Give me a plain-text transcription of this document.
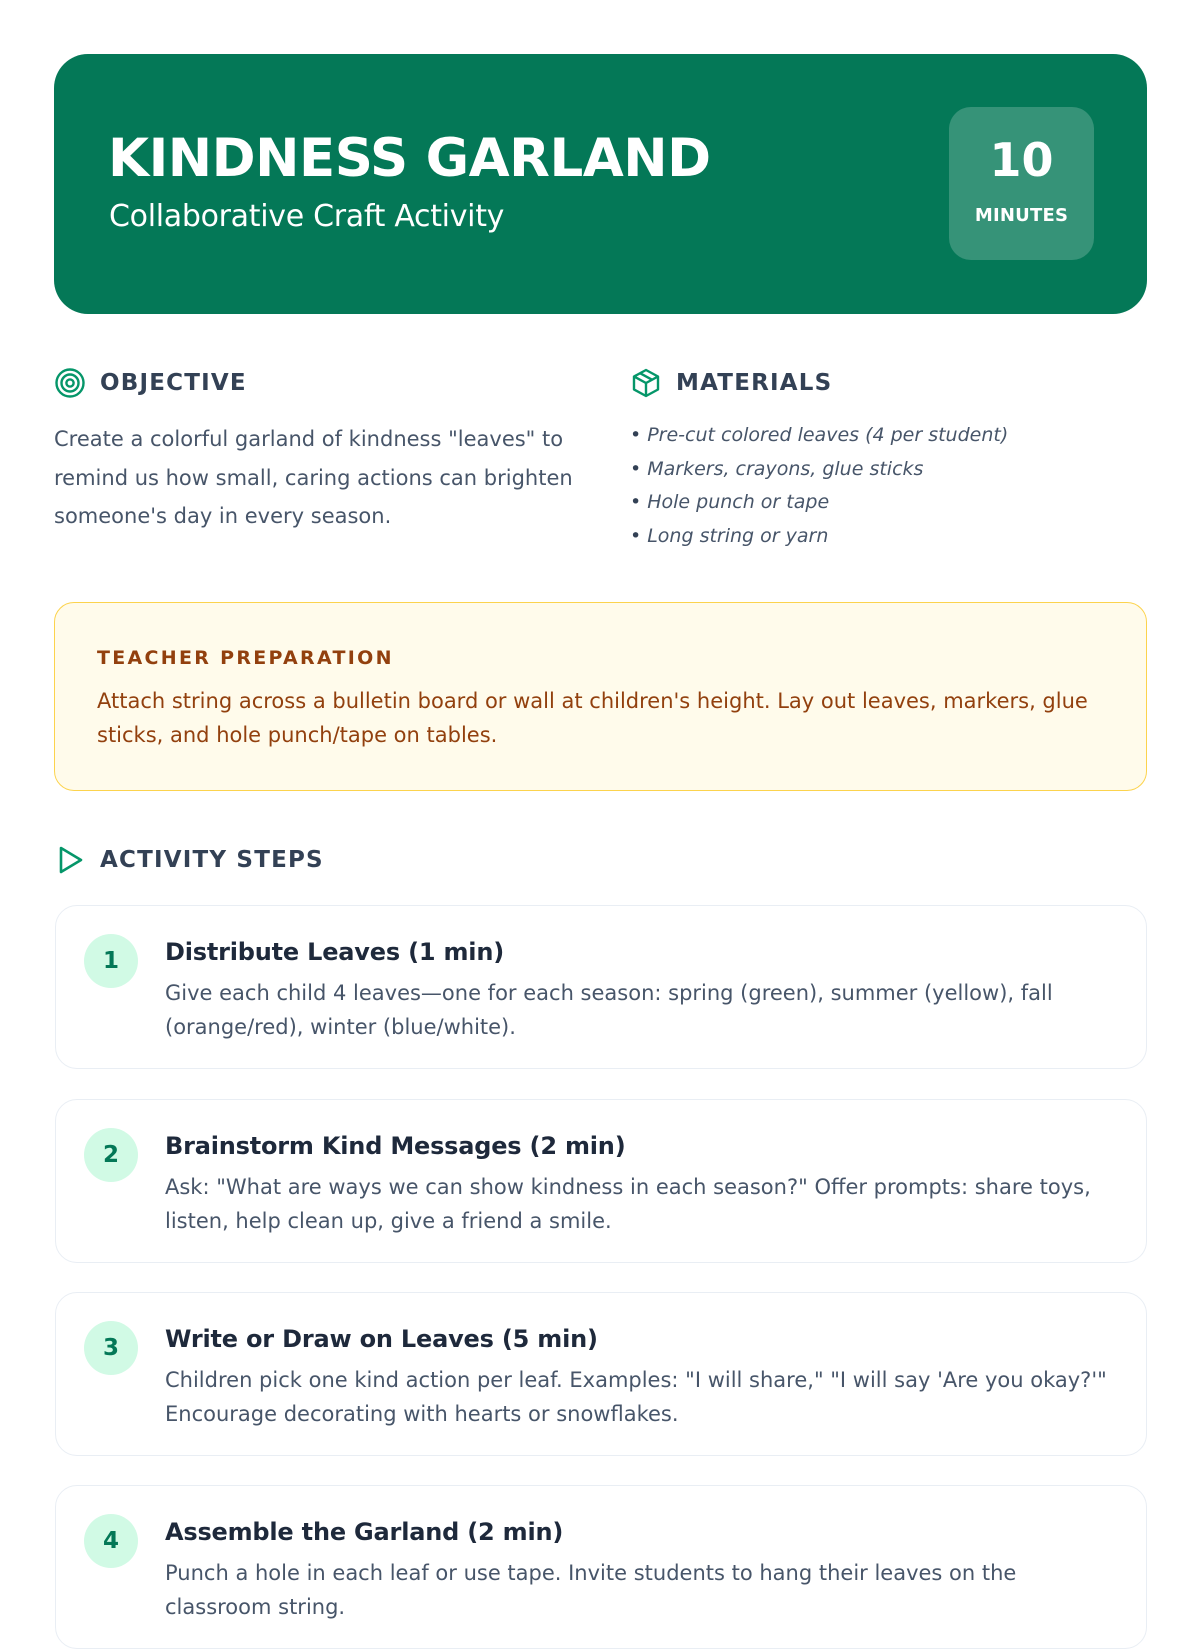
KINDNESS GARLAND
Collaborative Craft Activity
10
MINUTES
OBJECTIVE
Create a colorful garland of kindness "leaves" to remind us how small, caring actions can brighten someone's day in every season.
MATERIALS
• Pre-cut colored leaves (4 per student)
• Markers, crayons, glue sticks
• Hole punch or tape
• Long string or yarn
TEACHER PREPARATION
Attach string across a bulletin board or wall at children's height. Lay out leaves, markers, glue sticks, and hole punch/tape on tables.
ACTIVITY STEPS
1	Distribute Leaves (1 min)
Give each child 4 leaves—one for each season: spring (green), summer (yellow), fall (orange/red), winter (blue/white).
2	Brainstorm Kind Messages (2 min)
Ask: "What are ways we can show kindness in each season?" Offer prompts: share toys, listen, help clean up, give a friend a smile.
3	Write or Draw on Leaves (5 min)
Children pick one kind action per leaf. Examples: "I will share," "I will say 'Are you okay?'" Encourage decorating with hearts or snowflakes.
4	Assemble the Garland (2 min)
Punch a hole in each leaf or use tape. Invite students to hang their leaves on the classroom string.
